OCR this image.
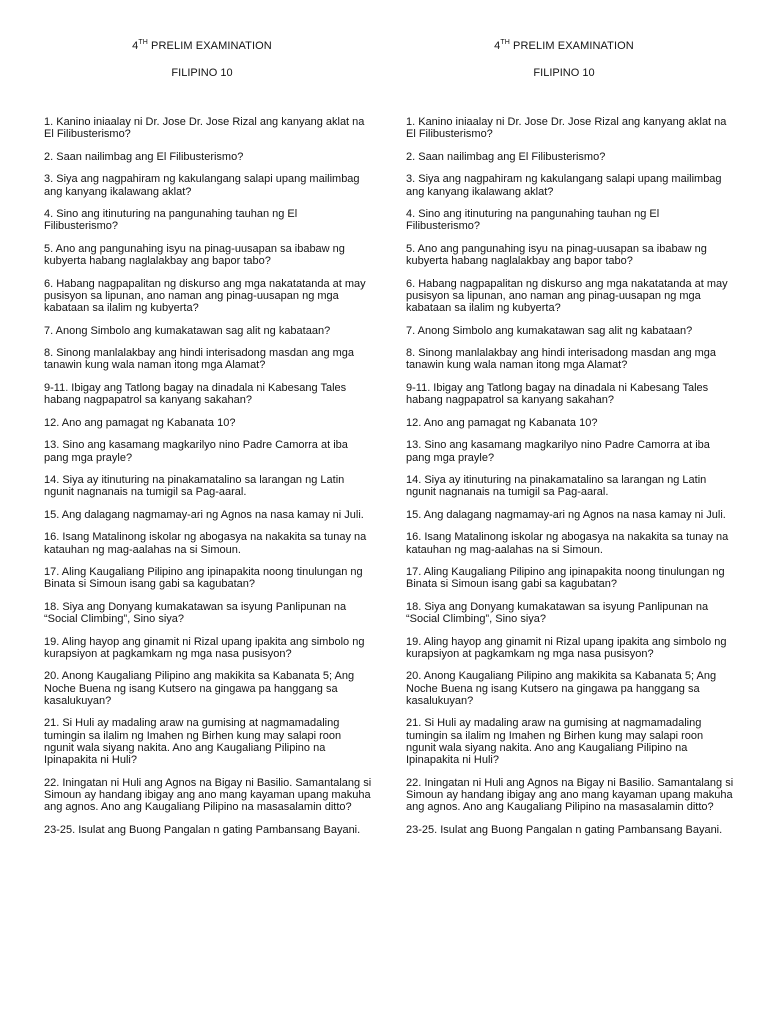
4TH PRELIM EXAMINATION
FILIPINO 10

1. Kanino iniaalay ni Dr. Jose Dr. Jose Rizal ang kanyang aklat na El Filibusterismo?

2. Saan nailimbag ang El Filibusterismo?

3. Siya ang nagpahiram ng kakulangang salapi upang mailimbag ang kanyang ikalawang aklat?

4. Sino ang itinuturing na pangunahing tauhan ng El Filibusterismo?

5. Ano ang pangunahing isyu na pinag-uusapan sa ibabaw ng kubyerta habang naglalakbay ang bapor tabo?

6. Habang nagpapalitan ng diskurso ang mga nakatatanda at may pusisyon sa lipunan, ano naman ang pinag-uusapan ng mga kabataan sa ilalim ng kubyerta?

7. Anong Simbolo ang kumakatawan sag alit ng kabataan?

8. Sinong manlalakbay ang hindi interisadong masdan ang mga tanawin kung wala naman itong mga Alamat?

9-11. Ibigay ang Tatlong bagay na dinadala ni Kabesang Tales habang nagpapatrol sa kanyang sakahan?

12. Ano ang pamagat ng Kabanata 10?

13. Sino ang kasamang magkarilyo nino Padre Camorra at iba pang mga prayle?

14. Siya ay itinuturing na pinakamatalino sa larangan ng Latin ngunit nagnanais na tumigil sa Pag-aaral.

15. Ang dalagang nagmamay-ari ng Agnos na nasa kamay ni Juli.

16. Isang Matalinong iskolar ng abogasya na nakakita sa tunay na katauhan ng mag-aalahas na si Simoun.

17. Aling Kaugaliang Pilipino ang ipinapakita noong tinulungan ng Binata si Simoun isang gabi sa kagubatan?

18. Siya ang Donyang kumakatawan sa isyung Panlipunan na “Social Climbing”, Sino siya?

19. Aling hayop ang ginamit ni Rizal upang ipakita ang simbolo ng kurapsiyon at pagkamkam ng mga nasa pusisyon?

20. Anong Kaugaliang Pilipino ang makikita sa Kabanata 5; Ang Noche Buena ng isang Kutsero na gingawa pa hanggang sa kasalukuyan?

21. Si Huli ay madaling araw na gumising at nagmamadaling tumingin sa ilalim ng Imahen ng Birhen kung may salapi roon ngunit wala siyang nakita. Ano ang Kaugaliang Pilipino na Ipinapakita ni Huli?

22. Iningatan ni Huli ang Agnos na Bigay ni Basilio. Samantalang si Simoun ay handang ibigay ang ano mang kayaman upang makuha ang agnos. Ano ang Kaugaliang Pilipino na masasalamin ditto?

23-25. Isulat ang Buong Pangalan n gating Pambansang Bayani.

4TH PRELIM EXAMINATION
FILIPINO 10

1. Kanino iniaalay ni Dr. Jose Dr. Jose Rizal ang kanyang aklat na El Filibusterismo?

2. Saan nailimbag ang El Filibusterismo?

3. Siya ang nagpahiram ng kakulangang salapi upang mailimbag ang kanyang ikalawang aklat?

4. Sino ang itinuturing na pangunahing tauhan ng El Filibusterismo?

5. Ano ang pangunahing isyu na pinag-uusapan sa ibabaw ng kubyerta habang naglalakbay ang bapor tabo?

6. Habang nagpapalitan ng diskurso ang mga nakatatanda at may pusisyon sa lipunan, ano naman ang pinag-uusapan ng mga kabataan sa ilalim ng kubyerta?

7. Anong Simbolo ang kumakatawan sag alit ng kabataan?

8. Sinong manlalakbay ang hindi interisadong masdan ang mga tanawin kung wala naman itong mga Alamat?

9-11. Ibigay ang Tatlong bagay na dinadala ni Kabesang Tales habang nagpapatrol sa kanyang sakahan?

12. Ano ang pamagat ng Kabanata 10?

13. Sino ang kasamang magkarilyo nino Padre Camorra at iba pang mga prayle?

14. Siya ay itinuturing na pinakamatalino sa larangan ng Latin ngunit nagnanais na tumigil sa Pag-aaral.

15. Ang dalagang nagmamay-ari ng Agnos na nasa kamay ni Juli.

16. Isang Matalinong iskolar ng abogasya na nakakita sa tunay na katauhan ng mag-aalahas na si Simoun.

17. Aling Kaugaliang Pilipino ang ipinapakita noong tinulungan ng Binata si Simoun isang gabi sa kagubatan?

18. Siya ang Donyang kumakatawan sa isyung Panlipunan na “Social Climbing”, Sino siya?

19. Aling hayop ang ginamit ni Rizal upang ipakita ang simbolo ng kurapsiyon at pagkamkam ng mga nasa pusisyon?

20. Anong Kaugaliang Pilipino ang makikita sa Kabanata 5; Ang Noche Buena ng isang Kutsero na gingawa pa hanggang sa kasalukuyan?

21. Si Huli ay madaling araw na gumising at nagmamadaling tumingin sa ilalim ng Imahen ng Birhen kung may salapi roon ngunit wala siyang nakita. Ano ang Kaugaliang Pilipino na Ipinapakita ni Huli?

22. Iningatan ni Huli ang Agnos na Bigay ni Basilio. Samantalang si Simoun ay handang ibigay ang ano mang kayaman upang makuha ang agnos. Ano ang Kaugaliang Pilipino na masasalamin ditto?

23-25. Isulat ang Buong Pangalan n gating Pambansang Bayani.
